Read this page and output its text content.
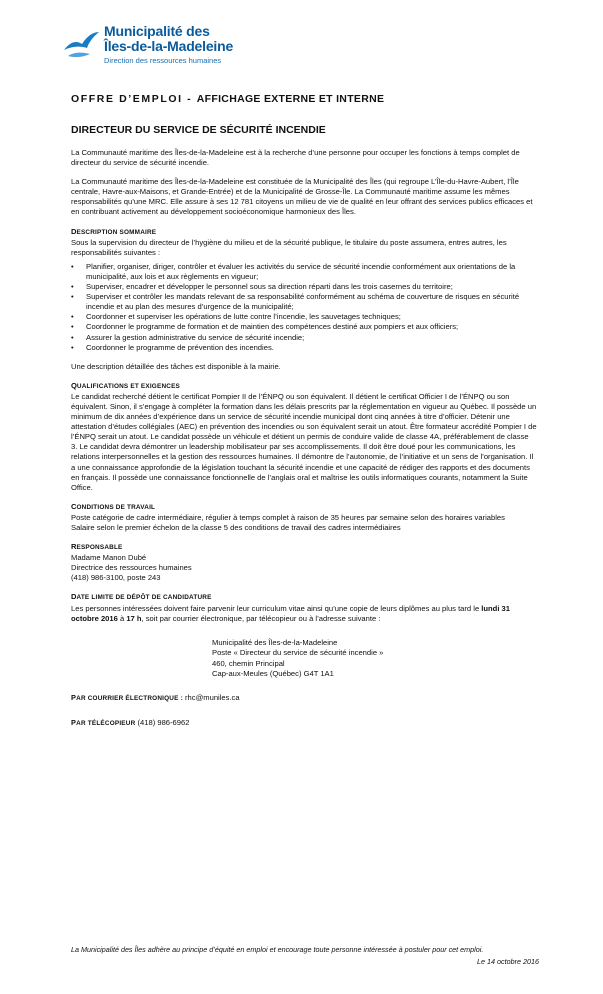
Municipalité des
Îles-de-la-Madeleine
Direction des ressources humaines
OFFRE D’EMPLOI - AFFICHAGE EXTERNE ET INTERNE
DIRECTEUR DU SERVICE DE SÉCURITÉ INCENDIE

La Communauté maritime des Îles-de-la-Madeleine est à la recherche d’une personne pour occuper les fonctions à temps complet de directeur du service de sécurité incendie.

La Communauté maritime des Îles-de-la-Madeleine est constituée de la Municipalité des Îles (qui regroupe L’Île-du-Havre-Aubert, l’Île centrale, Havre-aux-Maisons, et Grande-Entrée) et de la Municipalité de Grosse-Île. La Communauté maritime assume les mêmes responsabilités qu’une MRC. Elle assure à ses 12 781 citoyens un milieu de vie de qualité en leur offrant des services publics efficaces et en contribuant activement au développement socioéconomique harmonieux des Îles.

DESCRIPTION SOMMAIRE

Sous la supervision du directeur de l’hygiène du milieu et de la sécurité publique, le titulaire du poste assumera, entres autres, les responsabilités suivantes :

• Planifier, organiser, diriger, contrôler et évaluer les activités du service de sécurité incendie conformément aux orientations de la municipalité, aux lois et aux règlements en vigueur;
• Superviser, encadrer et développer le personnel sous sa direction réparti dans les trois casernes du territoire;
• Superviser et contrôler les mandats relevant de sa responsabilité conformément au schéma de couverture de risques en sécurité incendie et au plan des mesures d’urgence de la municipalité;
• Coordonner et superviser les opérations de lutte contre l’incendie, les sauvetages techniques;
• Coordonner le programme de formation et de maintien des compétences destiné aux pompiers et aux officiers;
• Assurer la gestion administrative du service de sécurité incendie;
• Coordonner le programme de prévention des incendies.

Une description détaillée des tâches est disponible à la mairie.

QUALIFICATIONS ET EXIGENCES

Le candidat recherché détient le certificat Pompier II de l’ÉNPQ ou son équivalent. Il détient le certificat Officier I de l’ÉNPQ ou son équivalent. Sinon, il s’engage à compléter la formation dans les délais prescrits par la réglementation en vigueur au Québec. Il possède un minimum de dix années d’expérience dans un service de sécurité incendie municipal dont cinq années à titre d’officier. Détenir une attestation d’études collégiales (AEC) en prévention des incendies ou son équivalent serait un atout. Être formateur accrédité Pompier I de l’ÉNPQ serait un atout. Le candidat possède un véhicule et détient un permis de conduire valide de classe 4A, préférablement de classe 3. Le candidat devra démontrer un leadership mobilisateur par ses accomplissements. Il doit être doué pour les communications, les relations interpersonnelles et la gestion des ressources humaines. Il démontre de l’autonomie, de l’initiative et un sens de l’organisation. Il a une connaissance approfondie de la législation touchant la sécurité incendie et une capacité de rédiger des rapports et des documents en français. Il possède une connaissance fonctionnelle de l’anglais oral et maîtrise les outils informatiques courants, notamment la Suite Office.

CONDITIONS DE TRAVAIL

Poste catégorie de cadre intermédiaire, régulier à temps complet à raison de 35 heures par semaine selon des horaires variables

Salaire selon le premier échelon de la classe 5 des conditions de travail des cadres intermédiaires

RESPONSABLE

Madame Manon Dubé

Directrice des ressources humaines

(418) 986-3100, poste 243

DATE LIMITE DE DÉPÔT DE CANDIDATURE

Les personnes intéressées doivent faire parvenir leur curriculum vitae ainsi qu’une copie de leurs diplômes au plus tard le lundi 31 octobre 2016 à 17 h, soit par courrier électronique, par télécopieur ou à l’adresse suivante :

Municipalité des Îles-de-la-Madeleine
Poste « Directeur du service de sécurité incendie »
460, chemin Principal
Cap-aux-Meules (Québec) G4T 1A1

PAR COURRIER ÉLECTRONIQUE : rhc@muniles.ca

PAR TÉLÉCOPIEUR (418) 986-6962

La Municipalité des Îles adhère au principe d’équité en emploi et encourage toute personne intéressée à postuler pour cet emploi.
Le 14 octobre 2016
